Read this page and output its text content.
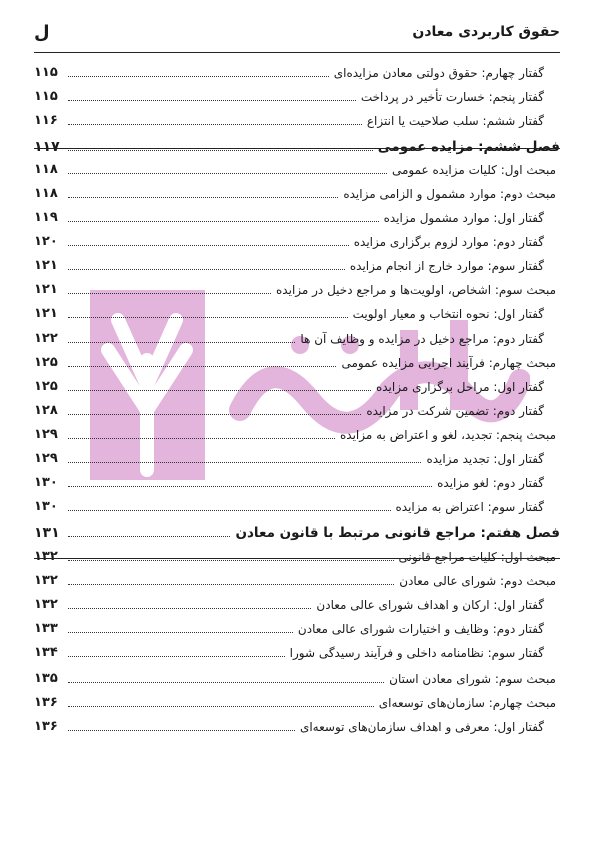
حقوق کاربردی معادن
ل
گفتار چهارم: حقوق دولتی معادن مزایده‌ای
۱۱۵
گفتار پنجم: خسارت تأخیر در پرداخت
۱۱۵
گفتار ششم: سلب صلاحیت یا انتزاع
۱۱۶
فصل ششم: مزایده عمومی
۱۱۷
مبحث اول: کلیات مزایده عمومی
۱۱۸
مبحث دوم: موارد مشمول و الزامی مزایده
۱۱۸
گفتار اول: موارد مشمول مزایده
۱۱۹
گفتار دوم: موارد لزوم برگزاری مزایده
۱۲۰
گفتار سوم: موارد خارج از انجام مزایده
۱۲۱
مبحث سوم: اشخاص، اولویت‌ها و مراجع دخیل در مزایده
۱۲۱
گفتار اول: نحوه انتخاب و معیار اولویت
۱۲۱
گفتار دوم: مراجع دخیل در مزایده و وظایف آن ها
۱۲۲
مبحث چهارم: فرآیند اجرایی مزایده عمومی
۱۲۵
گفتار اول: مراحل برگزاری مزایده
۱۲۵
گفتار دوم: تضمین شرکت در مزایده
۱۲۸
مبحث پنجم: تجدید، لغو و اعتراض به مزایده
۱۲۹
گفتار اول: تجدید مزایده
۱۲۹
گفتار دوم: لغو مزایده
۱۳۰
گفتار سوم: اعتراض به مزایده
۱۳۰
فصل هفتم: مراجع قانونی مرتبط با قانون معادن
۱۳۱
مبحث اول: کلیات مراجع قانونی
۱۳۲
مبحث دوم: شورای عالی معادن
۱۳۲
گفتار اول: ارکان و اهداف شورای عالی معادن
۱۳۲
گفتار دوم: وظایف و اختیارات شورای عالی معادن
۱۳۳
گفتار سوم: نظامنامه داخلی و فرآیند رسیدگی شورا
۱۳۴
مبحث سوم: شورای معادن استان
۱۳۵
مبحث چهارم: سازمان‌های توسعه‌ای
۱۳۶
گفتار اول: معرفی و اهداف سازمان‌های توسعه‌ای
۱۳۶
